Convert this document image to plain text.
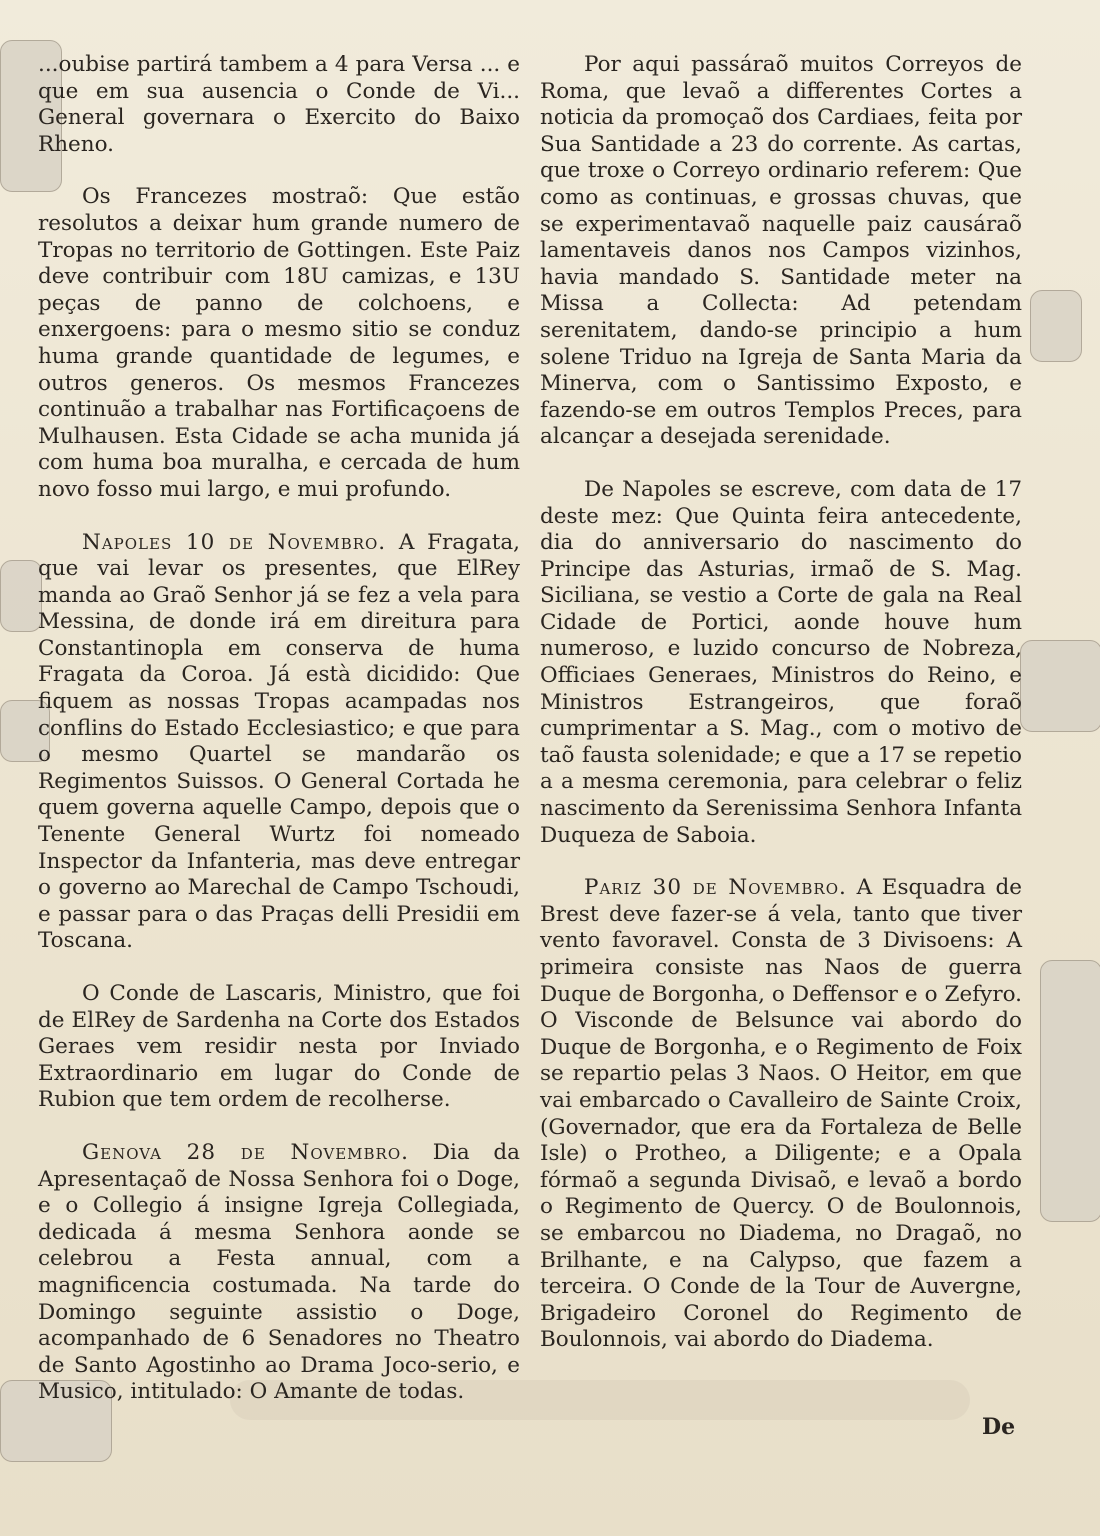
...oubise partirá tambem a 4 para Versa ... e que em sua ausencia o Conde de Vi... General governara o Exercito do Baixo Rheno.

Os Francezes mostraõ: Que estão resolutos a deixar hum grande numero de Tropas no territorio de Gottingen. Este Paiz deve contribuir com 18U camizas, e 13U peças de panno de colchoens, e enxergoens: para o mesmo sitio se conduz huma grande quantidade de legumes, e outros generos. Os mesmos Francezes continuão a trabalhar nas Fortificaçoens de Mulhausen. Esta Cidade se acha munida já com huma boa muralha, e cercada de hum novo fosso mui largo, e mui profundo.

Napoles 10 de Novembro. A Fragata, que vai levar os presentes, que ElRey manda ao Graõ Senhor já se fez a vela para Messina, de donde irá em direitura para Constantinopla em conserva de huma Fragata da Coroa. Já està dicidido: Que fiquem as nossas Tropas acampadas nos conflins do Estado Ecclesiastico; e que para o mesmo Quartel se mandarão os Regimentos Suissos. O General Cortada he quem governa aquelle Campo, depois que o Tenente General Wurtz foi nomeado Inspector da Infanteria, mas deve entregar o governo ao Marechal de Campo Tschoudi, e passar para o das Praças delli Presidii em Toscana.

O Conde de Lascaris, Ministro, que foi de ElRey de Sardenha na Corte dos Estados Geraes vem residir nesta por Inviado Extraordinario em lugar do Conde de Rubion que tem ordem de recolherse.

Genova 28 de Novembro. Dia da Apresentaçaõ de Nossa Senhora foi o Doge, e o Collegio á insigne Igreja Collegiada, dedicada á mesma Senhora aonde se celebrou a Festa annual, com a magnificencia costumada. Na tarde do Domingo seguinte assistio o Doge, acompanhado de 6 Senadores no Theatro de Santo Agostinho ao Drama Joco-serio, e Musico, intitulado: O Amante de todas.

Por aqui passáraõ muitos Correyos de Roma, que levaõ a differentes Cortes a noticia da promoçaõ dos Cardiaes, feita por Sua Santidade a 23 do corrente. As cartas, que troxe o Correyo ordinario referem: Que como as continuas, e grossas chuvas, que se experimentavaõ naquelle paiz causáraõ lamentaveis danos nos Campos vizinhos, havia mandado S. Santidade meter na Missa a Collecta: Ad petendam serenitatem, dando-se principio a hum solene Triduo na Igreja de Santa Maria da Minerva, com o Santissimo Exposto, e fazendo-se em outros Templos Preces, para alcançar a desejada serenidade.

De Napoles se escreve, com data de 17 deste mez: Que Quinta feira antecedente, dia do anniversario do nascimento do Principe das Asturias, irmaõ de S. Mag. Siciliana, se vestio a Corte de gala na Real Cidade de Portici, aonde houve hum numeroso, e luzido concurso de Nobreza, Officiaes Generaes, Ministros do Reino, e Ministros Estrangeiros, que foraõ cumprimentar a S. Mag., com o motivo de taõ fausta solenidade; e que a 17 se repetio a a mesma ceremonia, para celebrar o feliz nascimento da Serenissima Senhora Infanta Duqueza de Saboia.

Pariz 30 de Novembro. A Esquadra de Brest deve fazer-se á vela, tanto que tiver vento favoravel. Consta de 3 Divisoens: A primeira consiste nas Naos de guerra Duque de Borgonha, o Deffensor e o Zefyro. O Visconde de Belsunce vai abordo do Duque de Borgonha, e o Regimento de Foix se repartio pelas 3 Naos. O Heitor, em que vai embarcado o Cavalleiro de Sainte Croix, (Governador, que era da Fortaleza de Belle Isle) o Protheo, a Diligente; e a Opala fórmaõ a segunda Divisaõ, e levaõ a bordo o Regimento de Quercy. O de Boulonnois, se embarcou no Diadema, no Dragaõ, no Brilhante, e na Calypso, que fazem a terceira. O Conde de la Tour de Auvergne, Brigadeiro Coronel do Regimento de Boulonnois, vai abordo do Diadema.

De
